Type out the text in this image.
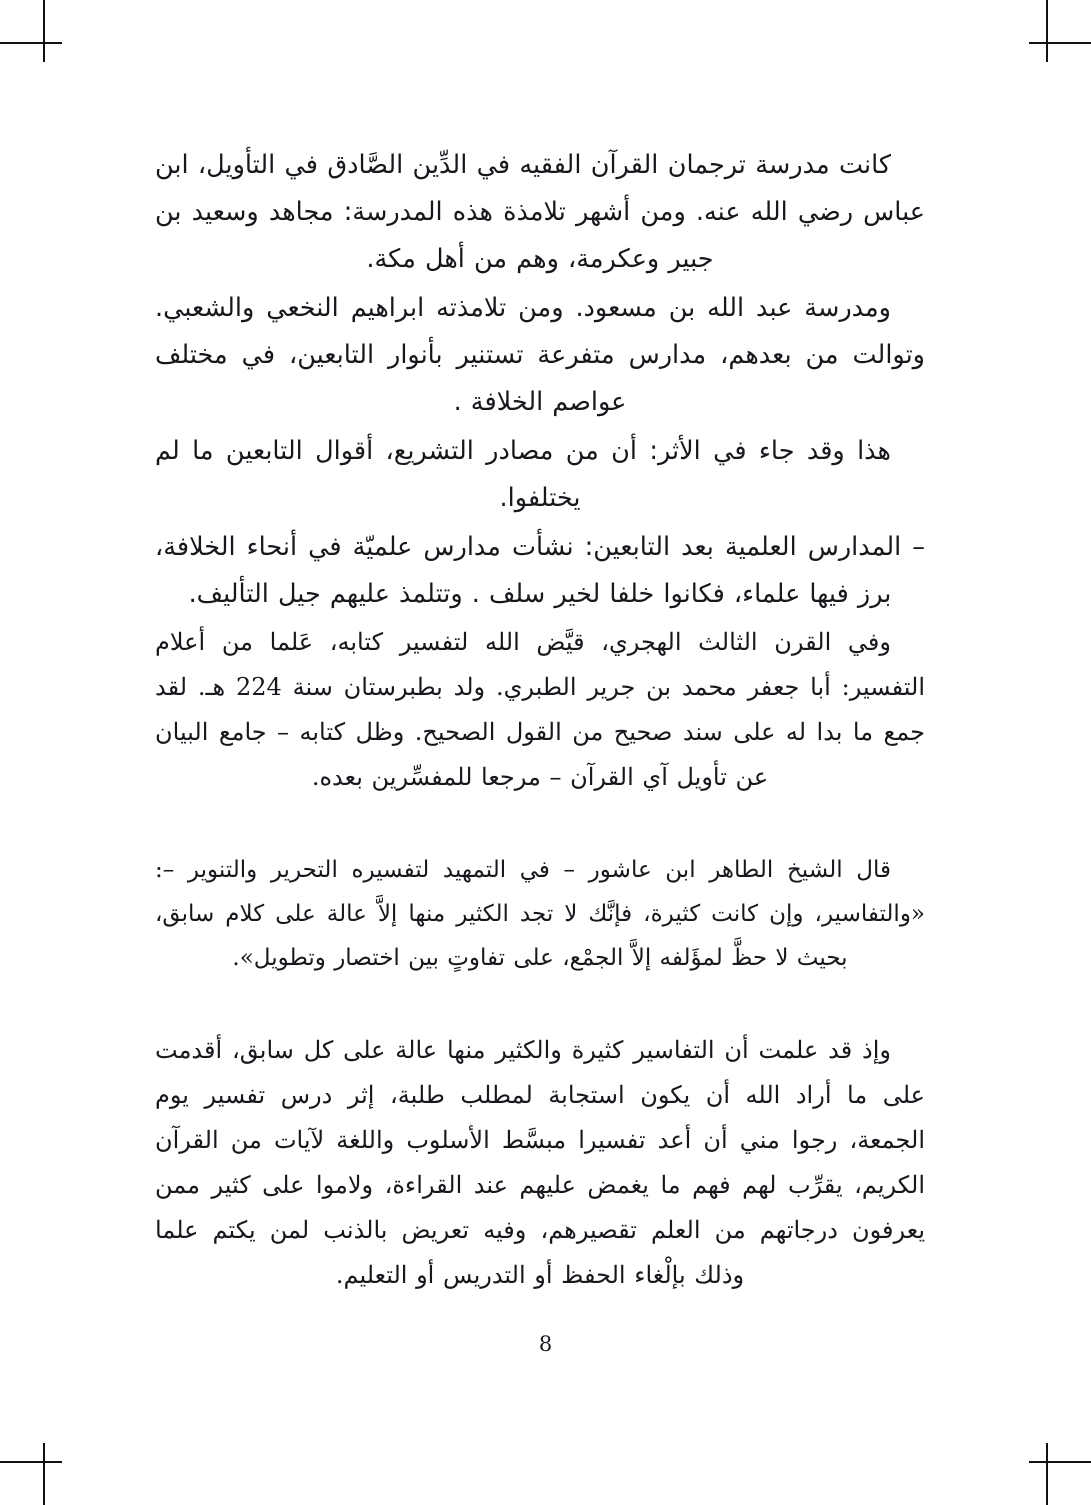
كانت مدرسة ترجمان القرآن الفقيه في الدِّين الصَّادق في التأويل، ابن عباس رضي الله عنه. ومن أشهر تلامذة هذه المدرسة: مجاهد وسعيد بن جبير وعكرمة، وهم من أهل مكة.

ومدرسة عبد الله بن مسعود. ومن تلامذته ابراهيم النخعي والشعبي. وتوالت من بعدهم، مدارس متفرعة تستنير بأنوار التابعين، في مختلف عواصم الخلافة .

هذا وقد جاء في الأثر: أن من مصادر التشريع، أقوال التابعين ما لم يختلفوا.

– المدارس العلمية بعد التابعين: نشأت مدارس علميّة في أنحاء الخلافة، برز فيها علماء، فكانوا خلفا لخير سلف . وتتلمذ عليهم جيل التأليف.

وفي القرن الثالث الهجري، قيَّض الله لتفسير كتابه، عَلما من أعلام التفسير: أبا جعفر محمد بن جرير الطبري. ولد بطبرستان سنة 224 هـ. لقد جمع ما بدا له على سند صحيح من القول الصحيح. وظل كتابه – جامع البيان عن تأويل آي القرآن – مرجعا للمفسِّرين بعده.

قال الشيخ الطاهر ابن عاشور – في التمهيد لتفسيره التحرير والتنوير –: «والتفاسير، وإن كانت كثيرة، فإنَّك لا تجد الكثير منها إلاَّ عالة على كلام سابق، بحيث لا حظَّ لمؤَلفه إلاَّ الجمْع، على تفاوتٍ بين اختصار وتطويل».

وإذ قد علمت أن التفاسير كثيرة والكثير منها عالة على كل سابق، أقدمت على ما أراد الله أن يكون استجابة لمطلب طلبة، إثر درس تفسير يوم الجمعة، رجوا مني أن أعد تفسيرا مبسَّط الأسلوب واللغة لآيات من القرآن الكريم، يقرِّب لهم فهم ما يغمض عليهم عند القراءة، ولاموا على كثير ممن يعرفون درجاتهم من العلم تقصيرهم، وفيه تعريض بالذنب لمن يكتم علما وذلك بإلْغاء الحفظ أو التدريس أو التعليم.

8
